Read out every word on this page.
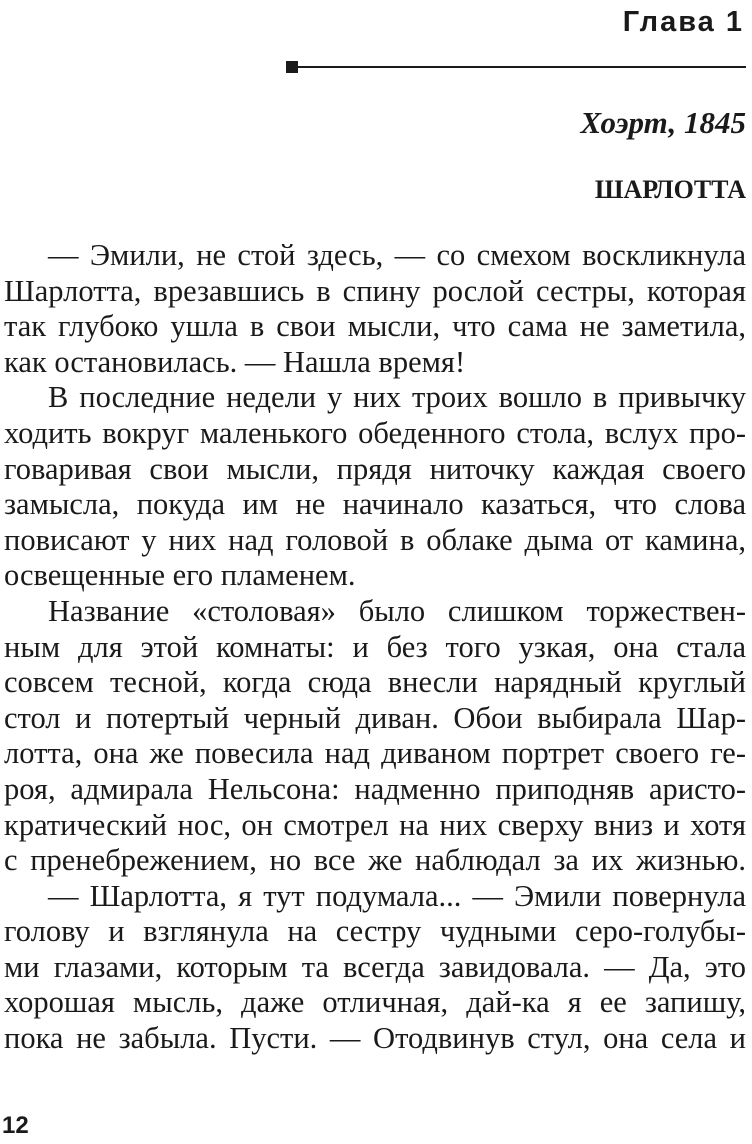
Глава 1
Хоэрт, 1845
ШАРЛОТТА
— Эмили, не стой здесь, — со смехом воскликнула
Шарлотта, врезавшись в спину рослой сестры, которая
так глубоко ушла в свои мысли, что сама не заметила,
как остановилась. — Нашла время!
В последние недели у них троих вошло в привычку
ходить вокруг маленького обеденного стола, вслух про-
говаривая свои мысли, прядя ниточку каждая своего
замысла, покуда им не начинало казаться, что слова
повисают у них над головой в облаке дыма от камина,
освещенные его пламенем.
Название «столовая» было слишком торжествен-
ным для этой комнаты: и без того узкая, она стала
совсем тесной, когда сюда внесли нарядный круглый
стол и потертый черный диван. Обои выбирала Шар-
лотта, она же повесила над диваном портрет своего ге-
роя, адмирала Нельсона: надменно приподняв аристо-
кратический нос, он смотрел на них сверху вниз и хотя
с пренебрежением, но все же наблюдал за их жизнью.
— Шарлотта, я тут подумала... — Эмили повернула
голову и взглянула на сестру чудными серо-голубы-
ми глазами, которым та всегда завидовала. — Да, это
хорошая мысль, даже отличная, дай-ка я ее запишу,
пока не забыла. Пусти. — Отодвинув стул, она села и
12
